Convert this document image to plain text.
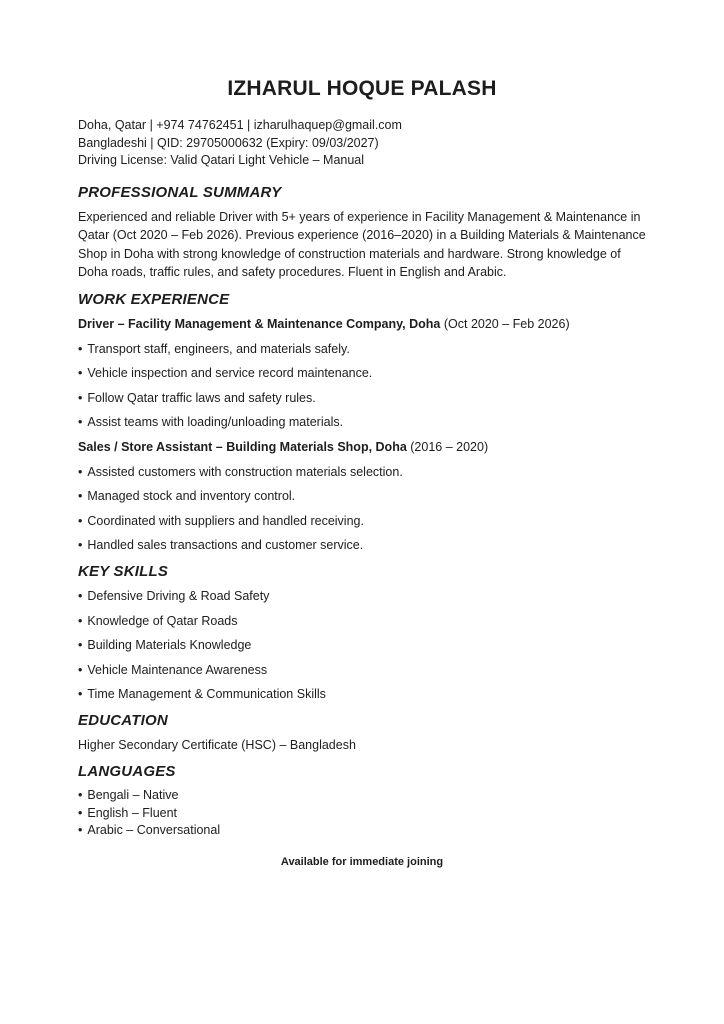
IZHARUL HOQUE PALASH
Doha, Qatar | +974 74762451 | izharulhaquep@gmail.com
Bangladeshi | QID: 29705000632 (Expiry: 09/03/2027)
Driving License: Valid Qatari Light Vehicle – Manual
PROFESSIONAL SUMMARY

Experienced and reliable Driver with 5+ years of experience in Facility Management & Maintenance in Qatar (Oct 2020 – Feb 2026). Previous experience (2016–2020) in a Building Materials & Maintenance Shop in Doha with strong knowledge of construction materials and hardware. Strong knowledge of Doha roads, traffic rules, and safety procedures. Fluent in English and Arabic.

WORK EXPERIENCE

Driver – Facility Management & Maintenance Company, Doha (Oct 2020 – Feb 2026)

• Transport staff, engineers, and materials safely.
• Vehicle inspection and service record maintenance.
• Follow Qatar traffic laws and safety rules.
• Assist teams with loading/unloading materials.

Sales / Store Assistant – Building Materials Shop, Doha (2016 – 2020)

• Assisted customers with construction materials selection.
• Managed stock and inventory control.
• Coordinated with suppliers and handled receiving.
• Handled sales transactions and customer service.
KEY SKILLS
• Defensive Driving & Road Safety
• Knowledge of Qatar Roads
• Building Materials Knowledge
• Vehicle Maintenance Awareness
• Time Management & Communication Skills
EDUCATION

Higher Secondary Certificate (HSC) – Bangladesh

LANGUAGES
• Bengali – Native
• English – Fluent
• Arabic – Conversational

Available for immediate joining
